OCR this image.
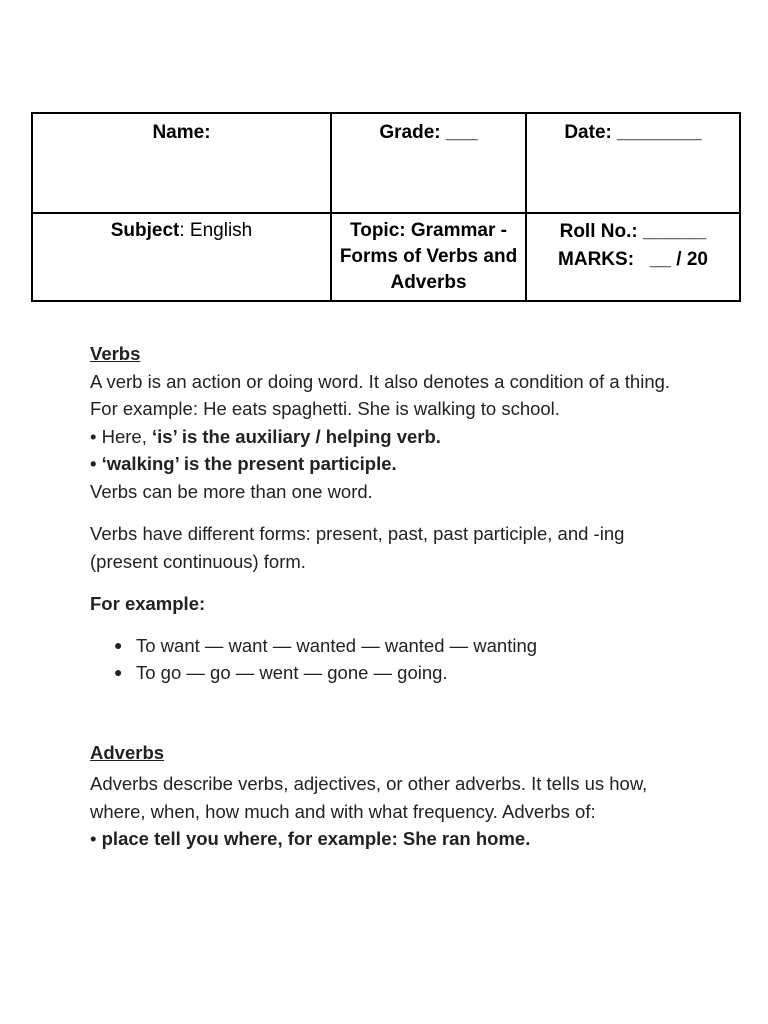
Name:	Grade: ___	Date: ________
Subject: English	Topic: Grammar - Forms of Verbs and Adverbs	Roll No.: ______
MARKS:   __ / 20
Verbs

A verb is an action or doing word. It also denotes a condition of a thing.

For example: He eats spaghetti. She is walking to school.

• Here, ‘is’ is the auxiliary / helping verb.

• ‘walking’ is the present participle.

Verbs can be more than one word.

Verbs have different forms: present, past, past participle, and -ing (present continuous) form.

For example:

● To want — want — wanted — wanted — wanting
● To go — go — went — gone — going.
Adverbs

Adverbs describe verbs, adjectives, or other adverbs. It tells us how, where, when, how much and with what frequency. Adverbs of:

• place tell you where, for example: She ran home.
